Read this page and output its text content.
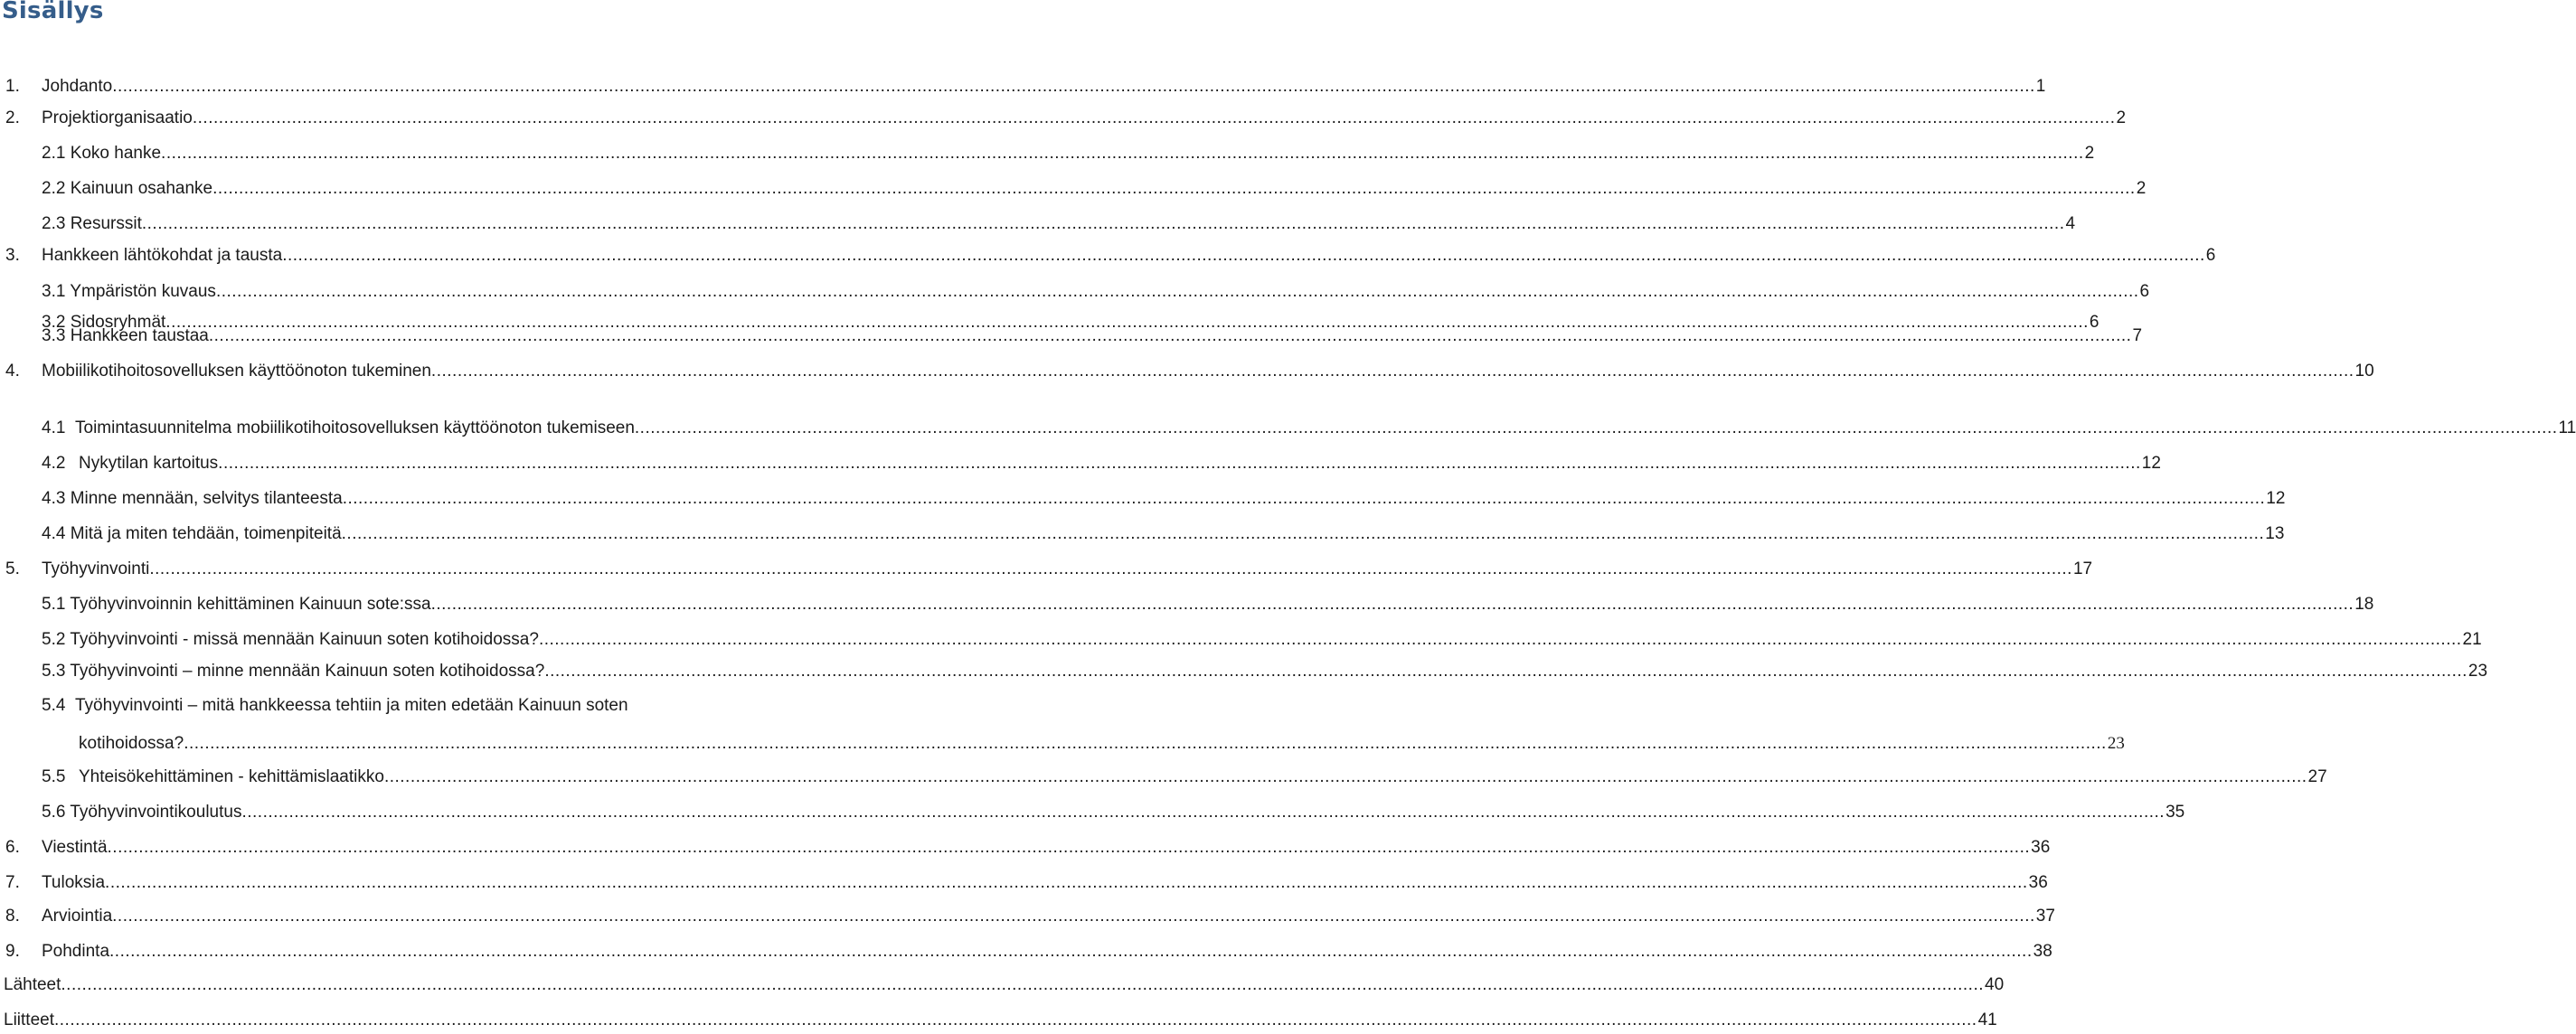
Sisällys
1.	Johdanto .....	1
2.	Projektiorganisaatio .....	2
2.1 Koko hanke .....	2
2.2 Kainuun osahanke .....	2
2.3 Resurssit .....	4
3.	Hankkeen lähtökohdat ja tausta .....	6
3.1 Ympäristön kuvaus .....	6
3.2 Sidosryhmät .....	6
3.3 Hankkeen taustaa .....	7
4.	Mobiilikotihoitosovelluksen käyttöönoton tukeminen .....	10
4.1 Toimintasuunnitelma mobiilikotihoitosovelluksen käyttöönoton tukemiseen .....	11
4.2 Nykytilan kartoitus .....	12
4.3 Minne mennään, selvitys tilanteesta .....	12
4.4 Mitä ja miten tehdään, toimenpiteitä .....	13
5.	Työhyvinvointi .....	17
5.1 Työhyvinvoinnin kehittäminen Kainuun sote:ssa .....	18
5.2 Työhyvinvointi - missä mennään Kainuun soten kotihoidossa? .....	21
5.3 Työhyvinvointi – minne mennään Kainuun soten kotihoidossa? .....	23
5.4 Työhyvinvointi – mitä hankkeessa tehtiin ja miten edetään Kainuun soten
kotihoidossa? .....	23
5.5 Yhteisökehittäminen - kehittämislaatikko .....	27
5.6 Työhyvinvointikoulutus .....	35
6.	Viestintä .....	36
7.	Tuloksia .....	36
8.	Arviointia .....	37
9.	Pohdinta .....	38
Lähteet .....	40
Liitteet .....	41
